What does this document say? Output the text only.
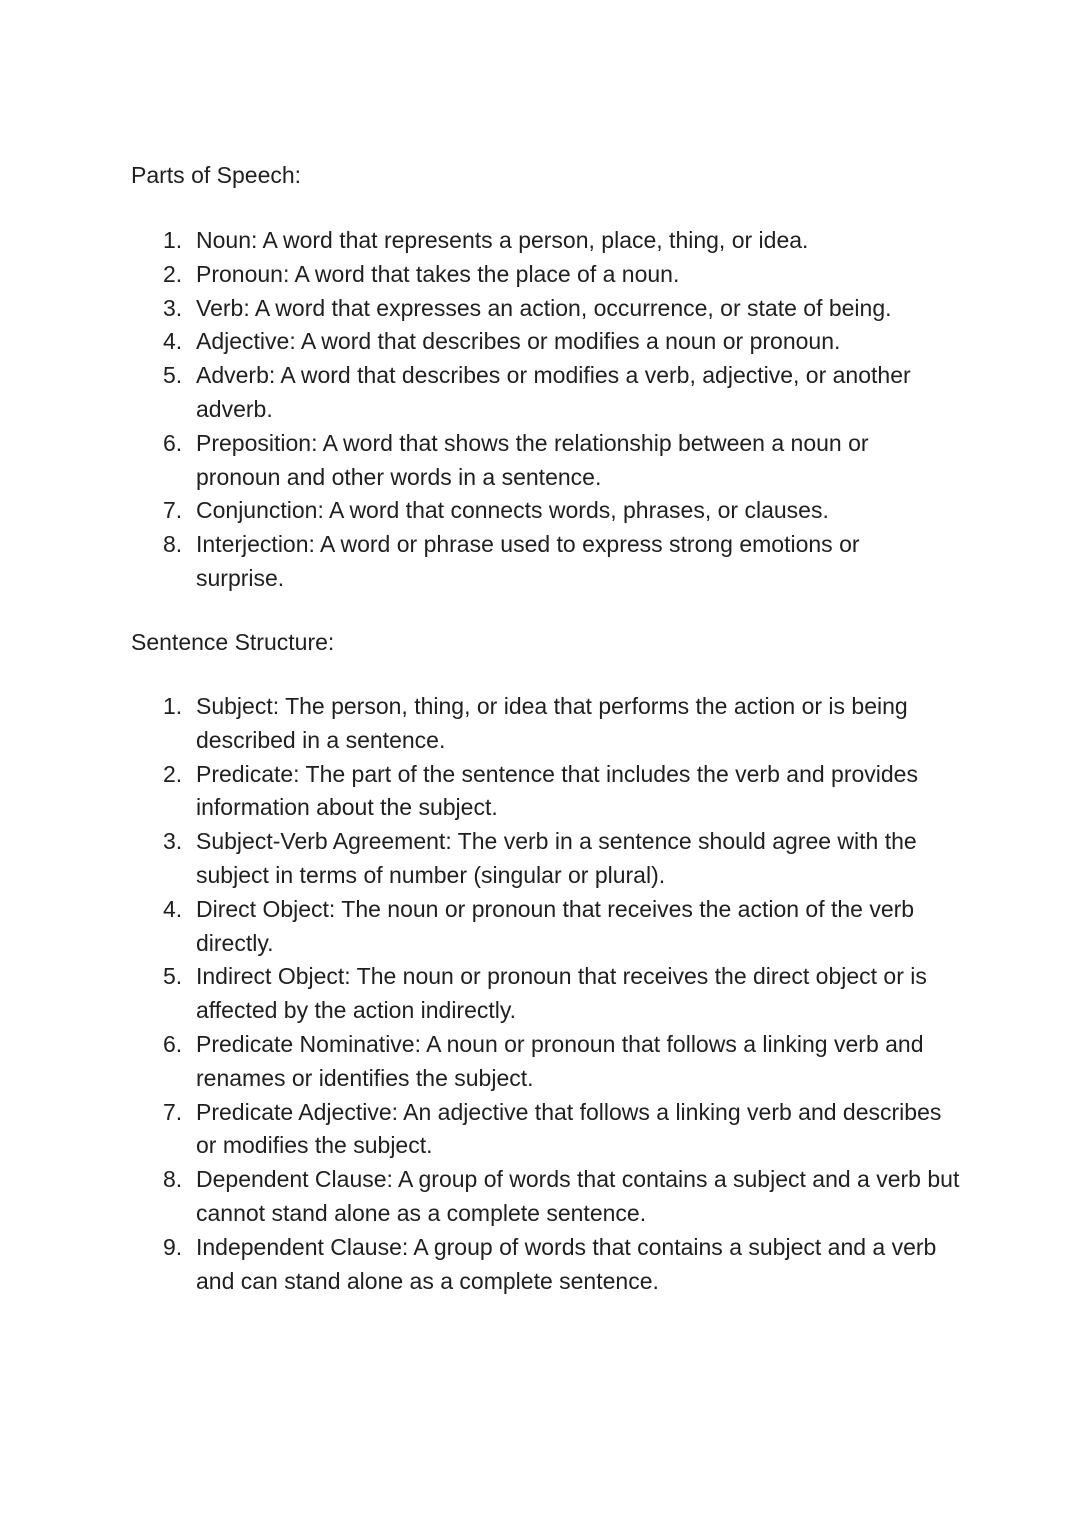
Parts of Speech:
1. Noun: A word that represents a person, place, thing, or idea.
2. Pronoun: A word that takes the place of a noun.
3. Verb: A word that expresses an action, occurrence, or state of being.
4. Adjective: A word that describes or modifies a noun or pronoun.
5. Adverb: A word that describes or modifies a verb, adjective, or another adverb.
6. Preposition: A word that shows the relationship between a noun or pronoun and other words in a sentence.
7. Conjunction: A word that connects words, phrases, or clauses.
8. Interjection: A word or phrase used to express strong emotions or surprise.
Sentence Structure:
1. Subject: The person, thing, or idea that performs the action or is being described in a sentence.
2. Predicate: The part of the sentence that includes the verb and provides information about the subject.
3. Subject-Verb Agreement: The verb in a sentence should agree with the subject in terms of number (singular or plural).
4. Direct Object: The noun or pronoun that receives the action of the verb directly.
5. Indirect Object: The noun or pronoun that receives the direct object or is affected by the action indirectly.
6. Predicate Nominative: A noun or pronoun that follows a linking verb and renames or identifies the subject.
7. Predicate Adjective: An adjective that follows a linking verb and describes or modifies the subject.
8. Dependent Clause: A group of words that contains a subject and a verb but cannot stand alone as a complete sentence.
9. Independent Clause: A group of words that contains a subject and a verb and can stand alone as a complete sentence.
